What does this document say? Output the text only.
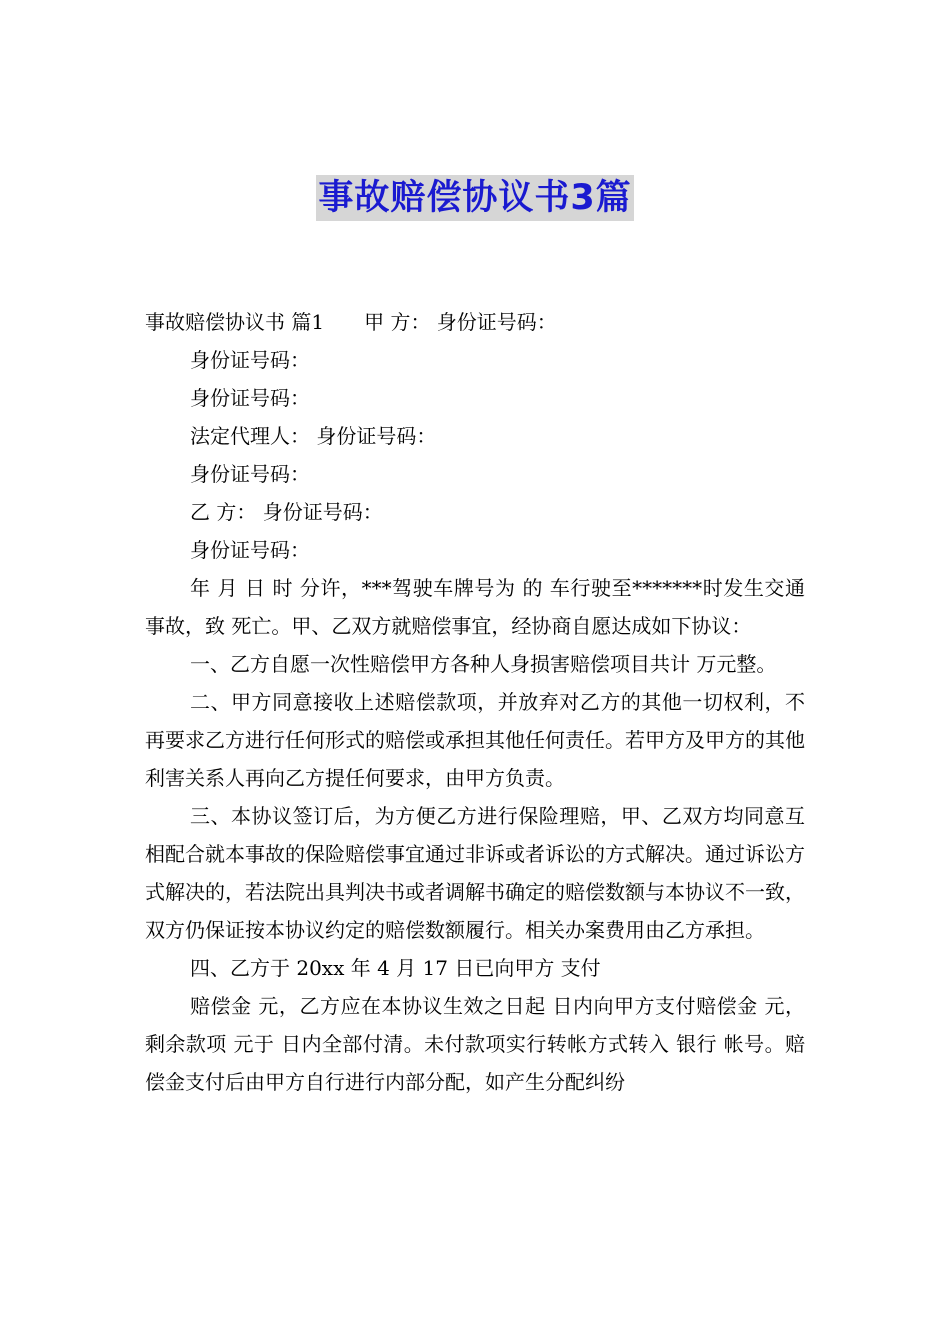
事故赔偿协议书3篇
事故赔偿协议书 篇1　　甲 方： 身份证号码：
身份证号码：
身份证号码：
法定代理人： 身份证号码：
身份证号码：
乙 方： 身份证号码：
身份证号码：

年 月 日 时 分许，***驾驶车牌号为 的 车行驶至*******时发生交通事故，致 死亡。甲、乙双方就赔偿事宜，经协商自愿达成如下协议：

一、乙方自愿一次性赔偿甲方各种人身损害赔偿项目共计 万元整。

二、甲方同意接收上述赔偿款项，并放弃对乙方的其他一切权利，不再要求乙方进行任何形式的赔偿或承担其他任何责任。若甲方及甲方的其他利害关系人再向乙方提任何要求，由甲方负责。

三、本协议签订后，为方便乙方进行保险理赔，甲、乙双方均同意互相配合就本事故的保险赔偿事宜通过非诉或者诉讼的方式解决。通过诉讼方式解决的，若法院出具判决书或者调解书确定的赔偿数额与本协议不一致，双方仍保证按本协议约定的赔偿数额履行。相关办案费用由乙方承担。

四、乙方于 20xx 年 4 月 17 日已向甲方 支付

赔偿金 元，乙方应在本协议生效之日起 日内向甲方支付赔偿金 元，剩余款项 元于 日内全部付清。未付款项实行转帐方式转入 银行 帐号。赔偿金支付后由甲方自行进行内部分配，如产生分配纠纷
